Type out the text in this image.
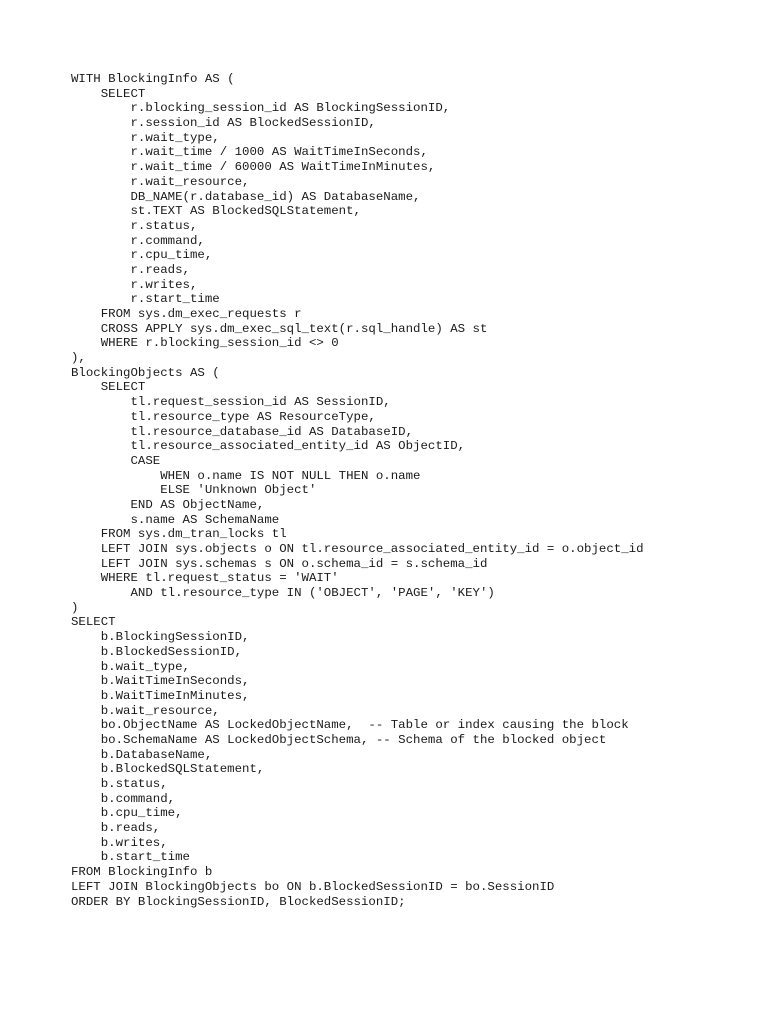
WITH BlockingInfo AS (
SELECT
r.blocking_session_id AS BlockingSessionID,
r.session_id AS BlockedSessionID,
r.wait_type,
r.wait_time / 1000 AS WaitTimeInSeconds,
r.wait_time / 60000 AS WaitTimeInMinutes,
r.wait_resource,
DB_NAME(r.database_id) AS DatabaseName,
st.TEXT AS BlockedSQLStatement,
r.status,
r.command,
r.cpu_time,
r.reads,
r.writes,
r.start_time
FROM sys.dm_exec_requests r
CROSS APPLY sys.dm_exec_sql_text(r.sql_handle) AS st
WHERE r.blocking_session_id <> 0
),
BlockingObjects AS (
SELECT
tl.request_session_id AS SessionID,
tl.resource_type AS ResourceType,
tl.resource_database_id AS DatabaseID,
tl.resource_associated_entity_id AS ObjectID,
CASE
WHEN o.name IS NOT NULL THEN o.name
ELSE 'Unknown Object'
END AS ObjectName,
s.name AS SchemaName
FROM sys.dm_tran_locks tl
LEFT JOIN sys.objects o ON tl.resource_associated_entity_id = o.object_id
LEFT JOIN sys.schemas s ON o.schema_id = s.schema_id
WHERE tl.request_status = 'WAIT'
AND tl.resource_type IN ('OBJECT', 'PAGE', 'KEY')
)
SELECT
b.BlockingSessionID,
b.BlockedSessionID,
b.wait_type,
b.WaitTimeInSeconds,
b.WaitTimeInMinutes,
b.wait_resource,
bo.ObjectName AS LockedObjectName,  -- Table or index causing the block
bo.SchemaName AS LockedObjectSchema, -- Schema of the blocked object
b.DatabaseName,
b.BlockedSQLStatement,
b.status,
b.command,
b.cpu_time,
b.reads,
b.writes,
b.start_time
FROM BlockingInfo b
LEFT JOIN BlockingObjects bo ON b.BlockedSessionID = bo.SessionID
ORDER BY BlockingSessionID, BlockedSessionID;
